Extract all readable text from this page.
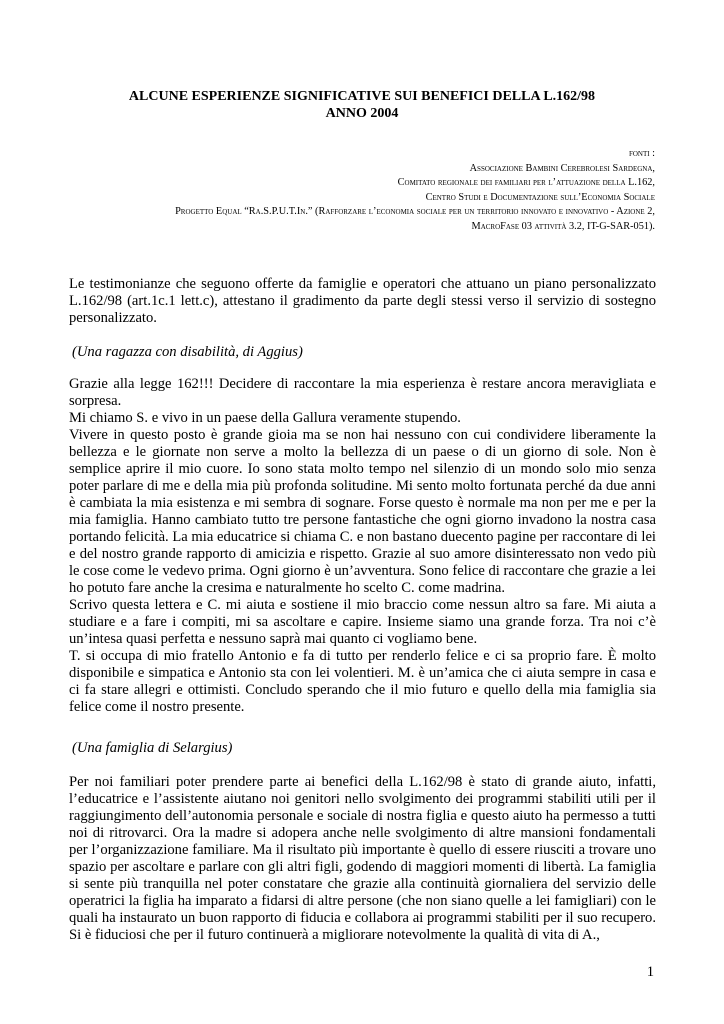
ALCUNE ESPERIENZE SIGNIFICATIVE SUI BENEFICI DELLA L.162/98
ANNO 2004
fonti :
Associazione Bambini Cerebrolesi Sardegna,
Comitato regionale dei familiari per l’attuazione della L.162,
Centro Studi e Documentazione sull’Economia Sociale
Progetto Equal “Ra.S.P.U.T.In.” (Rafforzare l’economia sociale per un territorio innovato e innovativo - Azione 2,
MacroFase 03 attività 3.2, IT-G-SAR-051).

Le testimonianze che seguono offerte da famiglie e operatori che attuano un piano personalizzato L.162/98 (art.1c.1 lett.c), attestano il gradimento da parte degli stessi verso il servizio di sostegno personalizzato.

(Una ragazza con disabilità, di Aggius)

Grazie alla legge 162!!! Decidere di raccontare la mia esperienza è restare ancora meravigliata e sorpresa.

Mi chiamo S. e vivo in un paese della Gallura veramente stupendo.

Vivere in questo posto è grande gioia ma se non hai nessuno con cui condividere liberamente la bellezza e le giornate non serve a molto la bellezza di un paese o di un giorno di sole. Non è semplice aprire il mio cuore. Io sono stata molto tempo nel silenzio di un mondo solo mio senza poter parlare di me e della mia più profonda solitudine. Mi sento molto fortunata perché da due anni è cambiata la mia esistenza e mi sembra di sognare. Forse questo è normale ma non per me e per la mia famiglia. Hanno cambiato tutto tre persone fantastiche che ogni giorno invadono la nostra casa portando felicità. La mia educatrice si chiama C. e non bastano duecento pagine per raccontare di lei e del nostro grande rapporto di amicizia e rispetto. Grazie al suo amore disinteressato non vedo più le cose come le vedevo prima. Ogni giorno è un’avventura. Sono felice di raccontare che grazie a lei ho potuto fare anche la cresima e naturalmente ho scelto C. come madrina.

Scrivo questa lettera e C. mi aiuta e sostiene il mio braccio come nessun altro sa fare. Mi aiuta a studiare e a fare i compiti, mi sa ascoltare e capire. Insieme siamo una grande forza. Tra noi c’è un’intesa quasi perfetta e nessuno saprà mai quanto ci vogliamo bene.

T. si occupa di mio fratello Antonio e fa di tutto per renderlo felice e ci sa proprio fare. È molto disponibile e simpatica e Antonio sta con lei volentieri. M. è un’amica che ci aiuta sempre in casa e ci fa stare allegri e ottimisti. Concludo sperando che il mio futuro e quello della mia famiglia sia felice come il nostro presente.

(Una famiglia di Selargius)

Per noi familiari poter prendere parte ai benefici della L.162/98 è stato di grande aiuto, infatti, l’educatrice e l’assistente aiutano noi genitori nello svolgimento dei programmi stabiliti utili per il raggiungimento dell’autonomia personale e sociale di nostra figlia e questo aiuto ha permesso a tutti noi di ritrovarci. Ora la madre si adopera anche nelle svolgimento di altre mansioni fondamentali per l’organizzazione familiare. Ma il risultato più importante è quello di essere riusciti a trovare uno spazio per ascoltare e parlare con gli altri figli, godendo di maggiori momenti di libertà. La famiglia si sente più tranquilla nel poter constatare che grazie alla continuità giornaliera del servizio delle operatrici la figlia ha imparato a fidarsi di altre persone (che non siano quelle a lei famigliari) con le quali ha instaurato un buon rapporto di fiducia e collabora ai programmi stabiliti per il suo recupero. Si è fiduciosi che per il futuro continuerà a migliorare notevolmente la qualità di vita di A.,

1
